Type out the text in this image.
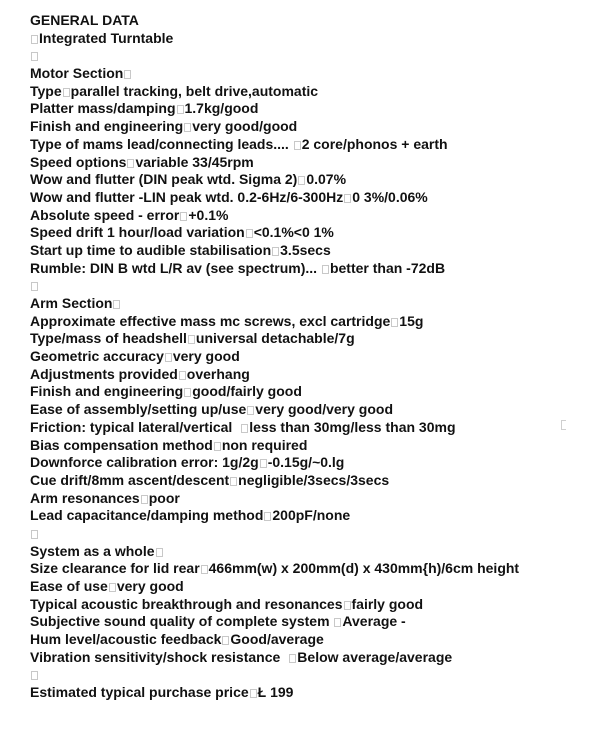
GENERAL DATA
Integrated Turntable
Motor Section
Type parallel tracking, belt drive,automatic
Platter mass/damping 1.7kg/good
Finish and engineering very good/good
Type of mams lead/connecting leads.... 2 core/phonos + earth
Speed options variable 33/45rpm
Wow and flutter (DIN peak wtd. Sigma 2) 0.07%
Wow and flutter -LIN peak wtd. 0.2-6Hz/6-300Hz 0 3%/0.06%
Absolute speed - error +0.1%
Speed drift 1 hour/load variation <0.1%<0 1%
Start up time to audible stabilisation 3.5secs
Rumble: DIN B wtd L/R av (see spectrum)... better than -72dB
Arm Section
Approximate effective mass mc screws, excl cartridge 15g
Type/mass of headshell universal detachable/7g
Geometric accuracy very good
Adjustments provided overhang
Finish and engineering good/fairly good
Ease of assembly/setting up/use very good/very good
Friction: typical lateral/vertical less than 30mg/less than 30mg
Bias compensation method non required
Downforce calibration error: 1g/2g -0.15g/~0.lg
Cue drift/8mm ascent/descent negligible/3secs/3secs
Arm resonances poor
Lead capacitance/damping method 200pF/none
System as a whole
Size clearance for lid rear 466mm(w) x 200mm(d) x 430mm{h)/6cm height
Ease of use very good
Typical acoustic breakthrough and resonances fairly good
Subjective sound quality of complete system Average -
Hum level/acoustic feedback Good/average
Vibration sensitivity/shock resistance Below average/average
Estimated typical purchase price Ł 199
